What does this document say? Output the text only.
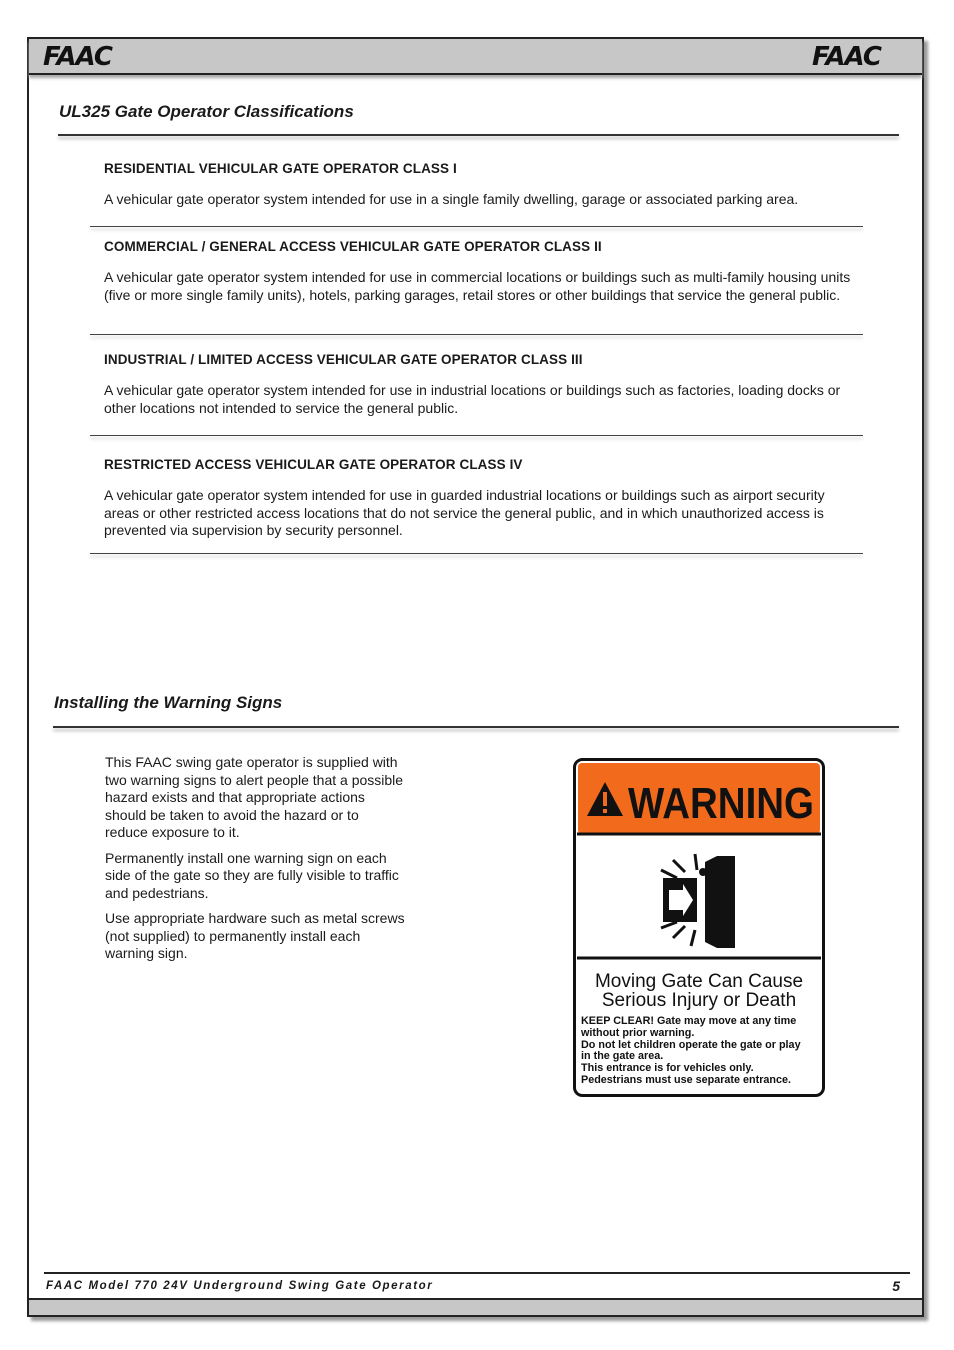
FAAC	FAAC
UL325 Gate Operator Classifications
RESIDENTIAL VEHICULAR GATE OPERATOR CLASS I
A vehicular gate operator system intended for use in a single family dwelling, garage or associated parking area.
COMMERCIAL / GENERAL ACCESS VEHICULAR GATE OPERATOR CLASS II
A vehicular gate operator system intended for use in commercial locations or buildings such as multi-family housing units (five or more single family units), hotels, parking garages, retail stores or other buildings that service the general public.
INDUSTRIAL / LIMITED ACCESS VEHICULAR GATE OPERATOR CLASS III
A vehicular gate operator system intended for use in industrial locations or buildings such as factories, loading docks or other locations not intended to service the general public.
RESTRICTED ACCESS VEHICULAR GATE OPERATOR CLASS IV
A vehicular gate operator system intended for use in guarded industrial locations or buildings such as airport security areas or other restricted access locations that do not service the general public, and in which unauthorized access is prevented via supervision by security personnel.
Installing the Warning Signs

This FAAC swing gate operator is supplied with two warning signs to alert people that a possible hazard exists and that appropriate actions should be taken to avoid the hazard or to reduce exposure to it.

Permanently install one warning sign on each side of the gate so they are fully visible to traffic and pedestrians.

Use appropriate hardware such as metal screws (not supplied) to permanently install each warning sign.

WARNING
Moving Gate Can Cause
Serious Injury or Death
KEEP CLEAR! Gate may move at any time
without prior warning.
Do not let children operate the gate or play
in the gate area.
This entrance is for vehicles only.
Pedestrians must use separate entrance.
FAAC Model 770 24V Underground Swing Gate Operator	5
